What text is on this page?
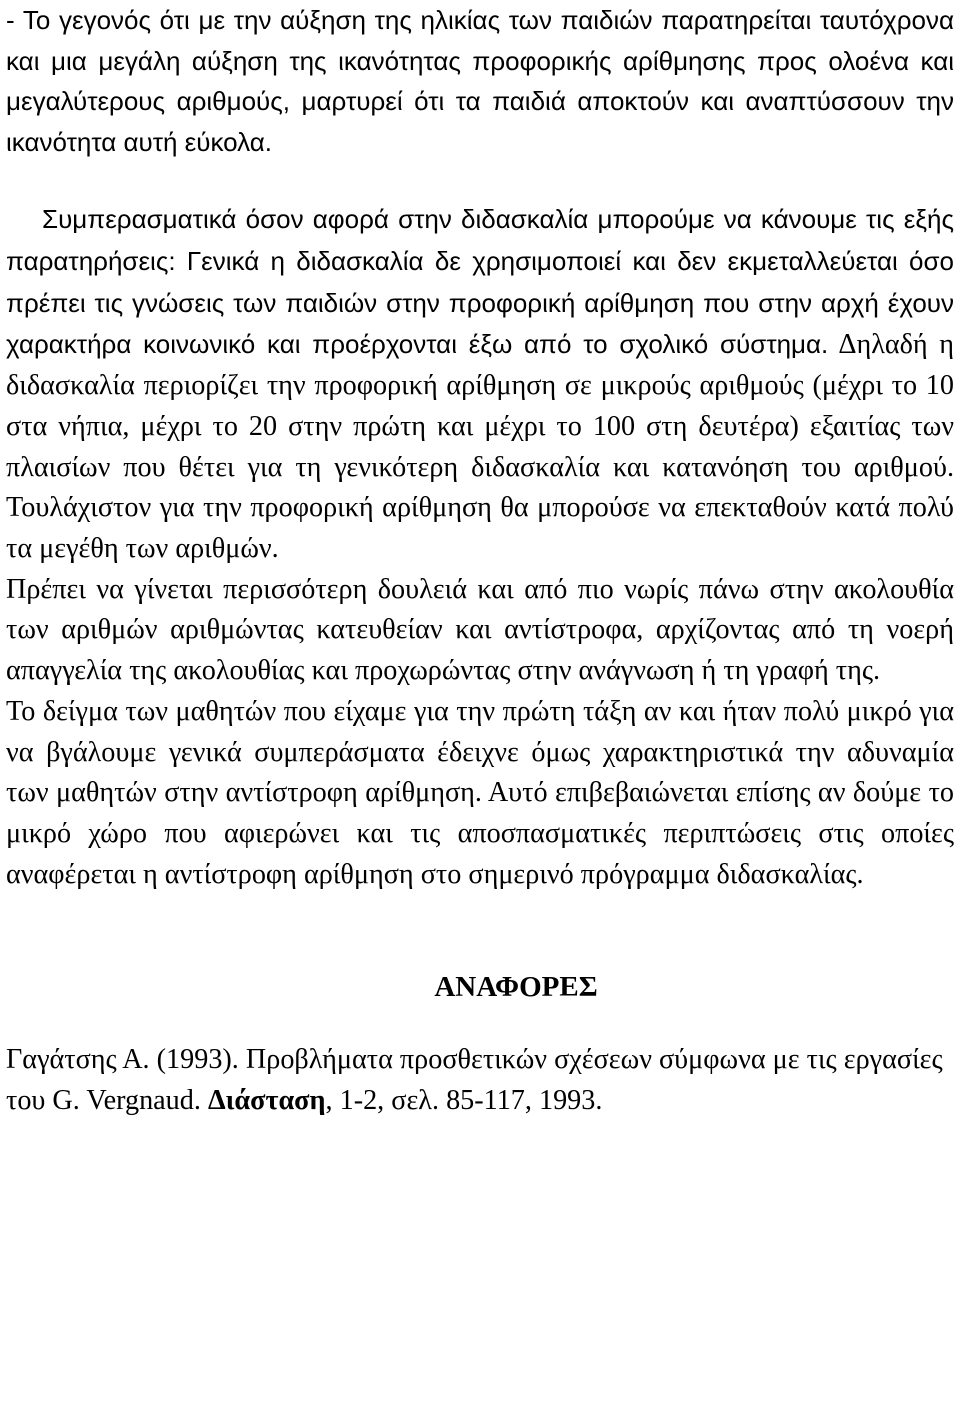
- Το γεγονός ότι με την αύξηση της ηλικίας των παιδιών παρατηρείται ταυτόχρονα και μια μεγάλη αύξηση της ικανότητας προφορικής αρίθμησης προς ολοένα και μεγαλύτερους αριθμούς, μαρτυρεί ότι τα παιδιά αποκτούν και αναπτύσσουν την ικανότητα αυτή εύκολα.

Συμπερασματικά όσον αφορά στην διδασκαλία μπορούμε να κάνουμε τις εξής παρατηρήσεις: Γενικά η διδασκαλία δε χρησιμοποιεί και δεν εκμεταλλεύεται όσο πρέπει τις γνώσεις των παιδιών στην προφορική αρίθμηση που στην αρχή έχουν χαρακτήρα κοινωνικό και προέρχονται έξω από το σχολικό σύστημα. Δηλαδή η διδασκαλία περιορίζει την προφορική αρίθμηση σε μικρούς αριθμούς (μέχρι το 10 στα νήπια, μέχρι το 20 στην πρώτη και μέχρι το 100 στη δευτέρα) εξαιτίας των πλαισίων που θέτει για τη γενικότερη διδασκαλία και κατανόηση του αριθμού. Τουλάχιστον για την προφορική αρίθμηση θα μπορούσε να επεκταθούν κατά πολύ τα μεγέθη των αριθμών.

Πρέπει να γίνεται περισσότερη δουλειά και από πιο νωρίς πάνω στην ακολουθία των αριθμών αριθμώντας κατευθείαν και αντίστροφα, αρχίζοντας από τη νοερή απαγγελία της ακολουθίας και προχωρώντας στην ανάγνωση ή τη γραφή της.

Το δείγμα των μαθητών που είχαμε για την πρώτη τάξη αν και ήταν πολύ μικρό για να βγάλουμε γενικά συμπεράσματα έδειχνε όμως χαρακτηριστικά την αδυναμία των μαθητών στην αντίστροφη αρίθμηση. Αυτό επιβεβαιώνεται επίσης αν δούμε το μικρό χώρο που αφιερώνει και τις αποσπασματικές περιπτώσεις στις οποίες αναφέρεται η αντίστροφη αρίθμηση στο σημερινό πρόγραμμα διδασκαλίας.

ΑΝΑΦΟΡΕΣ

Γαγάτσης Α. (1993). Προβλήματα προσθετικών σχέσεων σύμφωνα με τις εργασίες του G. Vergnaud. Διάσταση, 1-2, σελ. 85-117, 1993.
